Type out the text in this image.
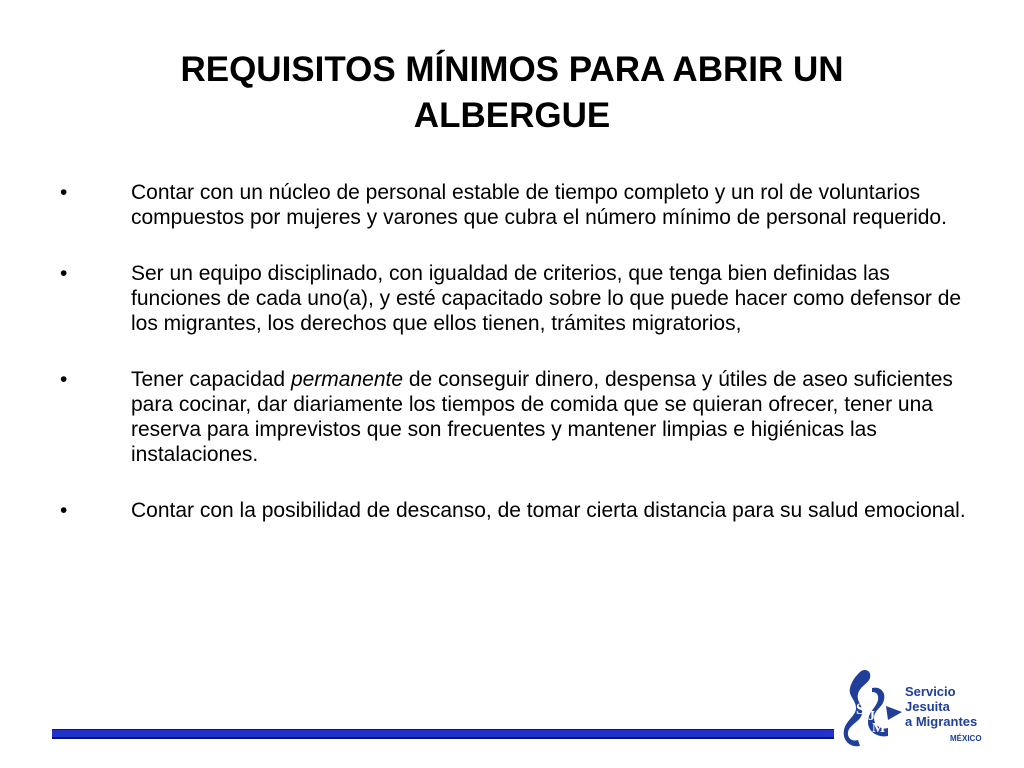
REQUISITOS MÍNIMOS PARA ABRIR UN ALBERGUE
•	Contar con un núcleo de personal estable de tiempo completo y un rol de voluntarios compuestos por mujeres y varones que cubra el número mínimo de personal requerido.
•	Ser un equipo disciplinado, con igualdad de criterios, que tenga bien definidas las funciones de cada uno(a), y esté capacitado sobre lo que puede hacer como defensor de los migrantes, los derechos que ellos tienen, trámites migratorios,
•	Tener capacidad permanente de conseguir dinero, despensa y útiles de aseo suficientes para cocinar, dar diariamente los tiempos de comida que se quieran ofrecer, tener una reserva para imprevistos que son frecuentes y mantener limpias e higiénicas las instalaciones.
•	Contar con la posibilidad de descanso, de tomar cierta distancia para su salud emocional.
S J
M
Servicio
Jesuita
a Migrantes
MÉXICO
